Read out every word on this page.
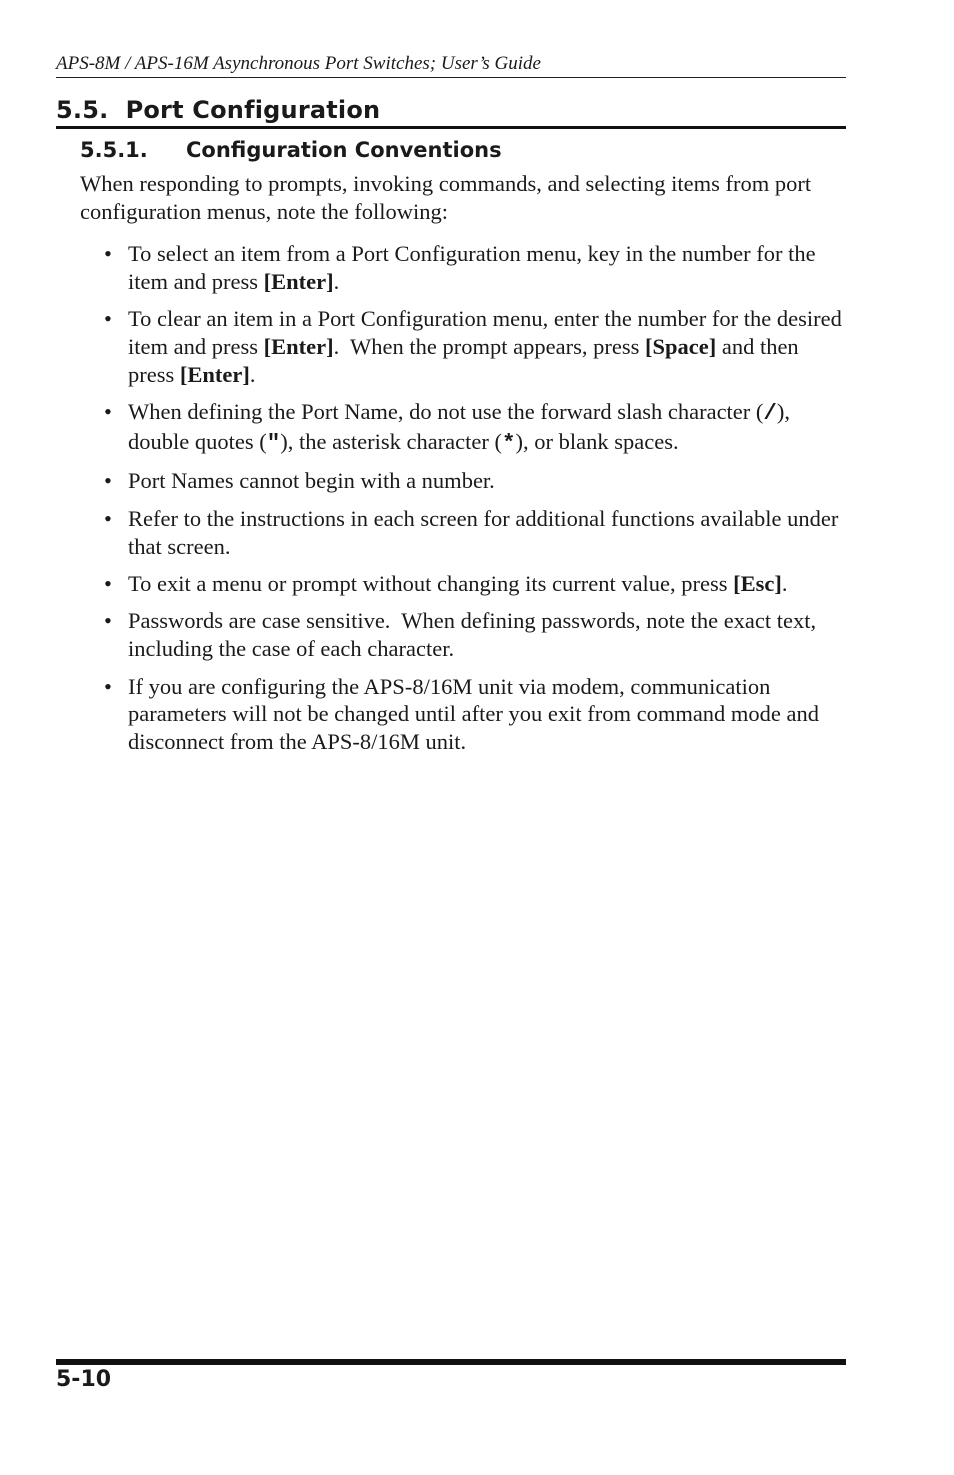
APS-8M / APS-16M Asynchronous Port Switches; User’s Guide
5.5. Port Configuration
5.5.1. Configuration Conventions

When responding to prompts, invoking commands, and selecting items from port configuration menus, note the following:

• To select an item from a Port Configuration menu, key in the number for the item and press [Enter].
• To clear an item in a Port Configuration menu, enter the number for the desired item and press [Enter].  When the prompt appears, press [Space] and then press [Enter].
• When defining the Port Name, do not use the forward slash character (/), double quotes ("), the asterisk character (*), or blank spaces.
• Port Names cannot begin with a number.
• Refer to the instructions in each screen for additional functions available under that screen.
• To exit a menu or prompt without changing its current value, press [Esc].
• Passwords are case sensitive.  When defining passwords, note the exact text, including the case of each character.
• If you are configuring the APS-8/16M unit via modem, communication parameters will not be changed until after you exit from command mode and disconnect from the APS-8/16M unit.
5-10
